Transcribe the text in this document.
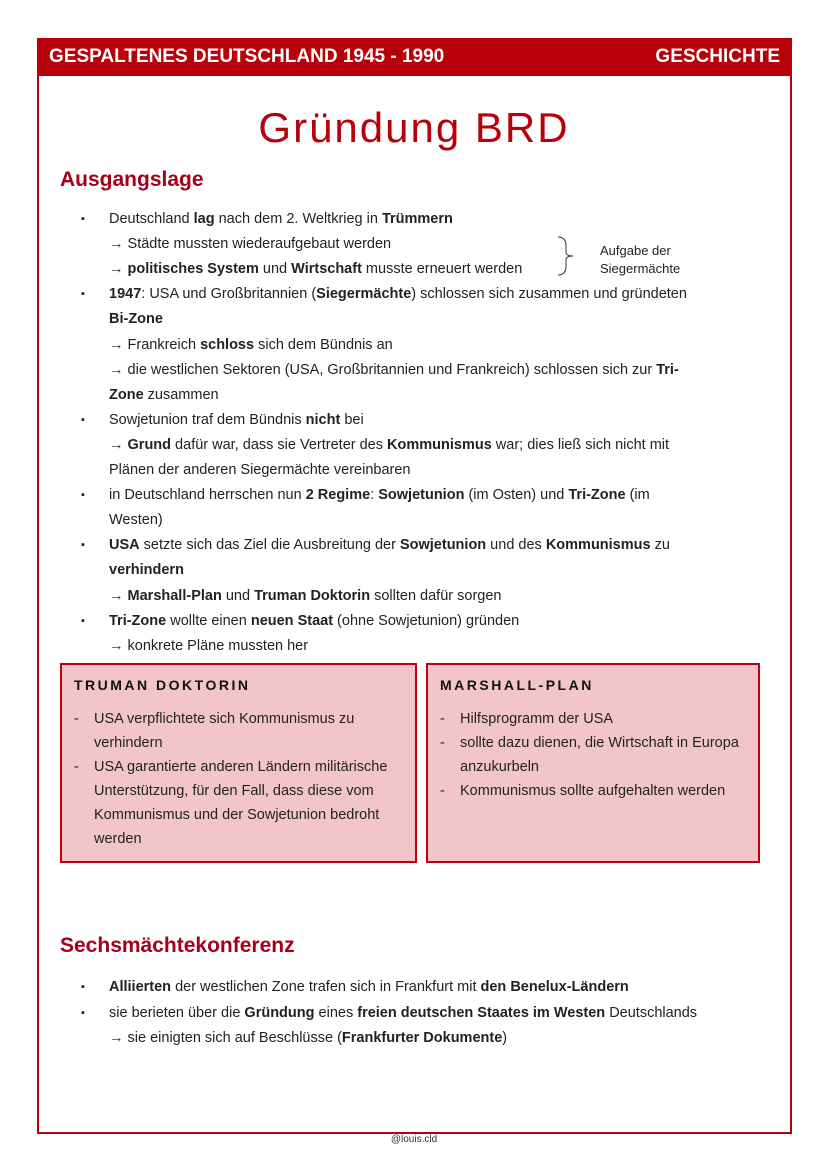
GESPALTENES DEUTSCHLAND 1945 - 1990	GESCHICHTE
Gründung BRD
Ausgangslage
▪ Deutschland lag nach dem 2. Weltkrieg in Trümmern
→ Städte mussten wiederaufgebaut werden
→ politisches System und Wirtschaft musste erneuert werden
▪ 1947: USA und Großbritannien (Siegermächte) schlossen sich zusammen und gründeten
Bi-Zone
→ Frankreich schloss sich dem Bündnis an
→ die westlichen Sektoren (USA, Großbritannien und Frankreich) schlossen sich zur Tri-
Zone zusammen
▪ Sowjetunion traf dem Bündnis nicht bei
→ Grund dafür war, dass sie Vertreter des Kommunismus war; dies ließ sich nicht mit
Plänen der anderen Siegermächte vereinbaren
▪ in Deutschland herrschen nun 2 Regime: Sowjetunion (im Osten) und Tri-Zone (im
Westen)
▪ USA setzte sich das Ziel die Ausbreitung der Sowjetunion und des Kommunismus zu
verhindern
→ Marshall-Plan und Truman Doktorin sollten dafür sorgen
▪ Tri-Zone wollte einen neuen Staat (ohne Sowjetunion) gründen
→ konkrete Pläne mussten her
Aufgabe der
Siegermächte
TRUMAN DOKTORIN
- USA verpflichtete sich Kommunismus zu verhindern
- USA garantierte anderen Ländern militärische Unterstützung, für den Fall, dass diese vom Kommunismus und der Sowjetunion bedroht werden
MARSHALL-PLAN
- Hilfsprogramm der USA
- sollte dazu dienen, die Wirtschaft in Europa anzukurbeln
- Kommunismus sollte aufgehalten werden
Sechsmächtekonferenz
▪ Alliierten der westlichen Zone trafen sich in Frankfurt mit den Benelux-Ländern
▪ sie berieten über die Gründung eines freien deutschen Staates im Westen Deutschlands
→ sie einigten sich auf Beschlüsse (Frankfurter Dokumente)
@louis.cld
